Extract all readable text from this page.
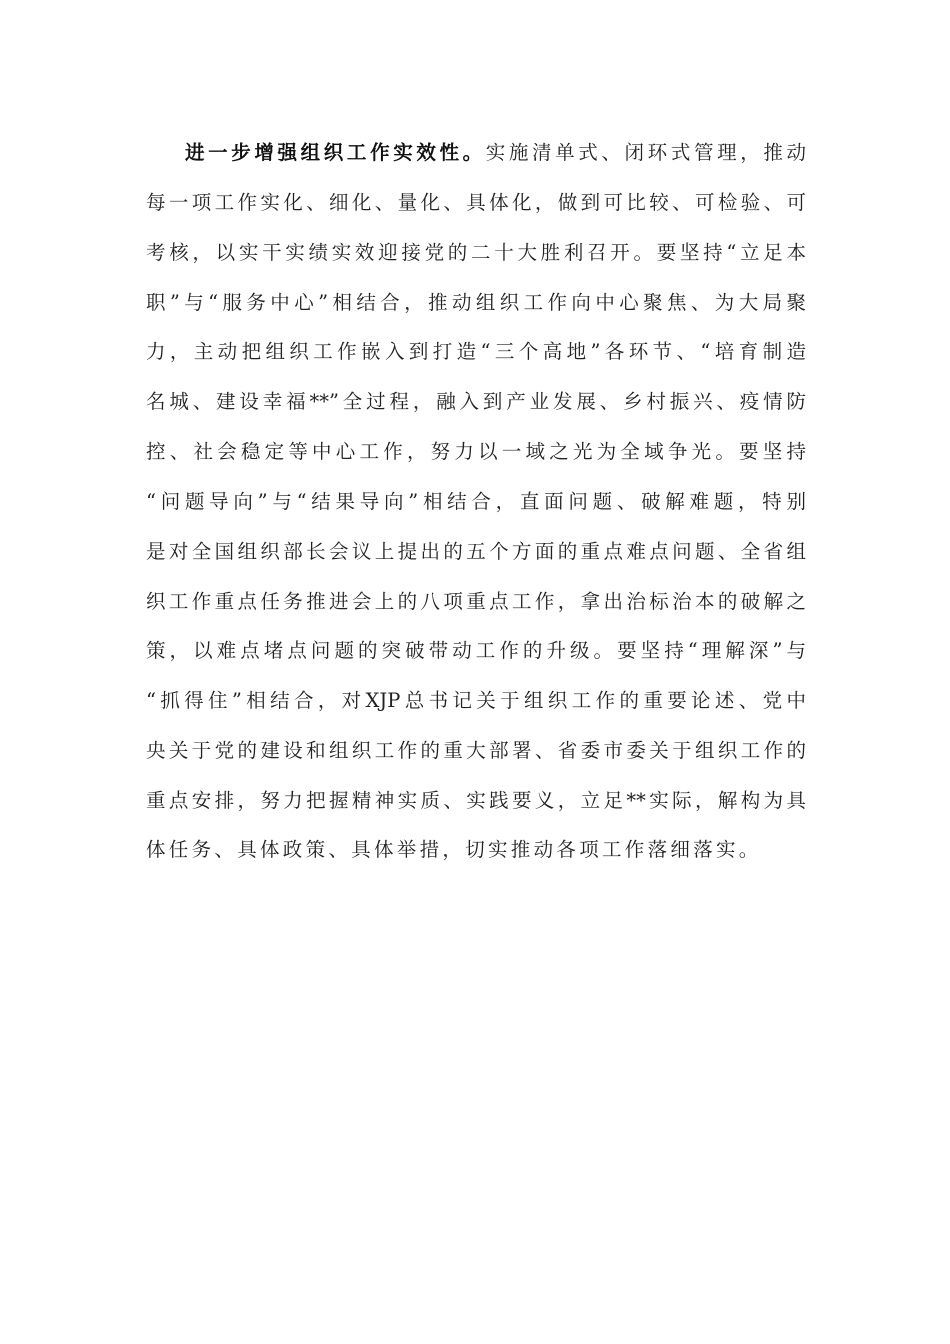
进一步增强组织工作实效性。实施清单式、闭环式管理，推动
每一项工作实化、细化、量化、具体化，做到可比较、可检验、可
考核，以实干实绩实效迎接党的二十大胜利召开。要坚持“立足本
职”与“服务中心”相结合，推动组织工作向中心聚焦、为大局聚
力，主动把组织工作嵌入到打造“三个高地”各环节、“培育制造
名城、建设幸福**”全过程，融入到产业发展、乡村振兴、疫情防
控、社会稳定等中心工作，努力以一域之光为全域争光。要坚持
“问题导向”与“结果导向”相结合，直面问题、破解难题，特别
是对全国组织部长会议上提出的五个方面的重点难点问题、全省组
织工作重点任务推进会上的八项重点工作，拿出治标治本的破解之
策，以难点堵点问题的突破带动工作的升级。要坚持“理解深”与
“抓得住”相结合，对XJP总书记关于组织工作的重要论述、党中
央关于党的建设和组织工作的重大部署、省委市委关于组织工作的
重点安排，努力把握精神实质、实践要义，立足**实际，解构为具
体任务、具体政策、具体举措，切实推动各项工作落细落实。
